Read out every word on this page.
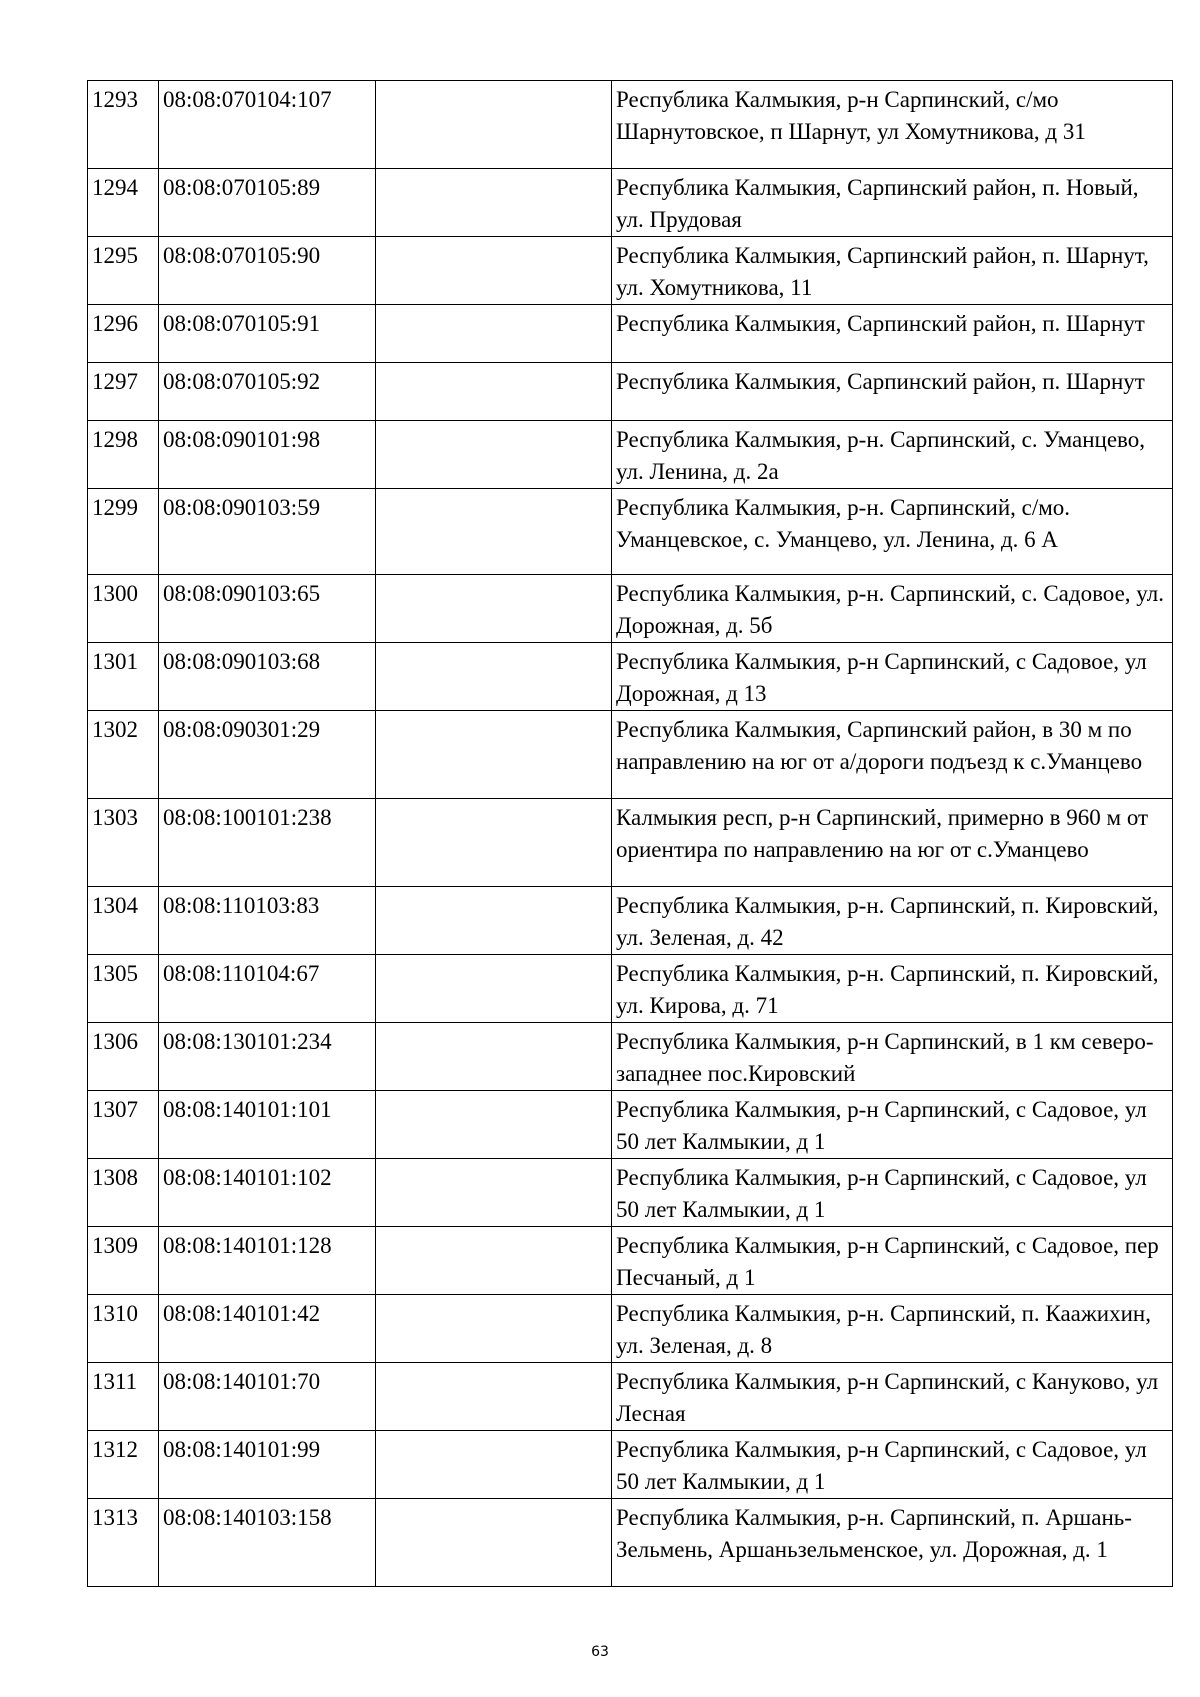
1293	08:08:070104:107		Республика Калмыкия, р-н Сарпинский, с/мо Шарнутовское, п Шарнут, ул Хомутникова, д 31
1294	08:08:070105:89		Республика Калмыкия, Сарпинский район, п. Новый, ул. Прудовая
1295	08:08:070105:90		Республика Калмыкия, Сарпинский район, п. Шарнут, ул. Хомутникова, 11
1296	08:08:070105:91		Республика Калмыкия, Сарпинский район, п. Шарнут
1297	08:08:070105:92		Республика Калмыкия, Сарпинский район, п. Шарнут
1298	08:08:090101:98		Республика Калмыкия, р-н. Сарпинский, с. Уманцево, ул. Ленина, д. 2а
1299	08:08:090103:59		Республика Калмыкия, р-н. Сарпинский, с/мо. Уманцевское, с. Уманцево, ул. Ленина, д. 6 А
1300	08:08:090103:65		Республика Калмыкия, р-н. Сарпинский, с. Садовое, ул. Дорожная, д. 5б
1301	08:08:090103:68		Республика Калмыкия, р-н Сарпинский, с Садовое, ул Дорожная, д 13
1302	08:08:090301:29		Республика Калмыкия, Сарпинский район, в 30 м по направлению на юг от а/дороги подъезд к с.Уманцево
1303	08:08:100101:238		Калмыкия респ, р-н Сарпинский, примерно в 960 м от ориентира по направлению на юг от с.Уманцево
1304	08:08:110103:83		Республика Калмыкия, р-н. Сарпинский, п. Кировский, ул. Зеленая, д. 42
1305	08:08:110104:67		Республика Калмыкия, р-н. Сарпинский, п. Кировский, ул. Кирова, д. 71
1306	08:08:130101:234		Республика Калмыкия, р-н Сарпинский, в 1 км северо-западнее пос.Кировский
1307	08:08:140101:101		Республика Калмыкия, р-н Сарпинский, с Садовое, ул 50 лет Калмыкии, д 1
1308	08:08:140101:102		Республика Калмыкия, р-н Сарпинский, с Садовое, ул 50 лет Калмыкии, д 1
1309	08:08:140101:128		Республика Калмыкия, р-н Сарпинский, с Садовое, пер Песчаный, д 1
1310	08:08:140101:42		Республика Калмыкия, р-н. Сарпинский, п. Каажихин, ул. Зеленая, д. 8
1311	08:08:140101:70		Республика Калмыкия, р-н Сарпинский, с Кануково, ул Лесная
1312	08:08:140101:99		Республика Калмыкия, р-н Сарпинский, с Садовое, ул 50 лет Калмыкии, д 1
1313	08:08:140103:158		Республика Калмыкия, р-н. Сарпинский, п. Аршань-Зельмень, Аршаньзельменское, ул. Дорожная, д. 1
63
